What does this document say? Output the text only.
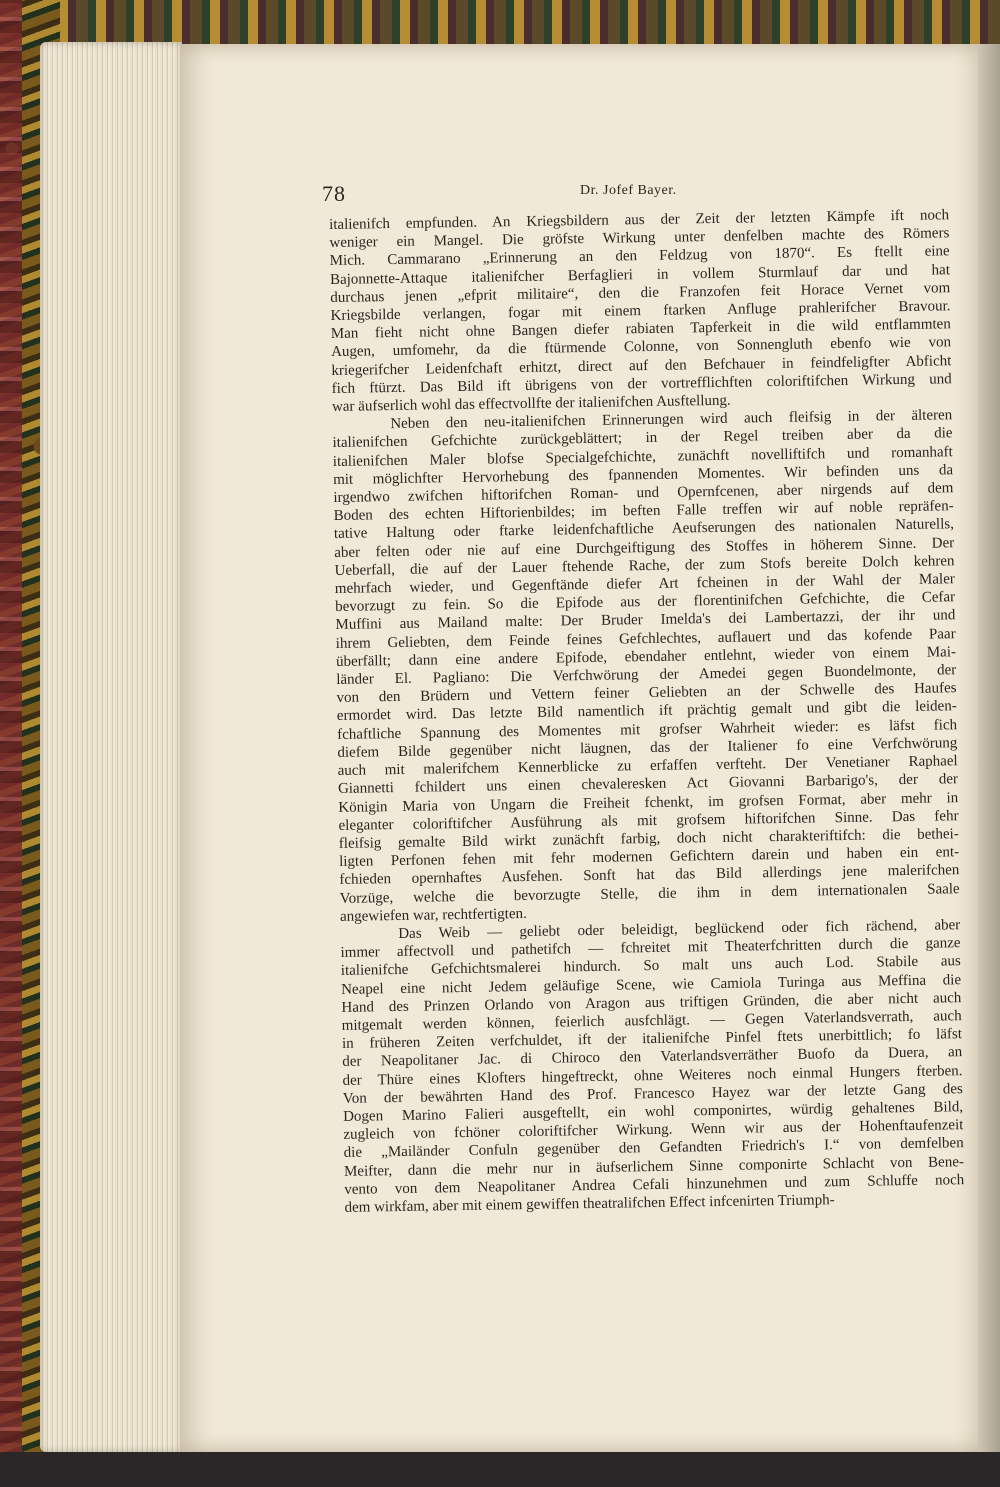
78	Dr. Jofef Bayer.
italienifch empfunden. An Kriegsbildern aus der Zeit der letzten Kämpfe ift noch
weniger ein Mangel. Die gröfste Wirkung unter denfelben machte des Römers
Mich. Cammarano „Erinnerung an den Feldzug von 1870“. Es ftellt eine
Bajonnette-Attaque italienifcher Berfaglieri in vollem Sturmlauf dar und hat
durchaus jenen „efprit militaire“, den die Franzofen feit Horace Vernet vom
Kriegsbilde verlangen, fogar mit einem ftarken Anfluge prahlerifcher Bravour.
Man fieht nicht ohne Bangen diefer rabiaten Tapferkeit in die wild entflammten
Augen, umfomehr, da die ftürmende Colonne, von Sonnengluth ebenfo wie von
kriegerifcher Leidenfchaft erhitzt, direct auf den Befchauer in feindfeligfter Abficht
fich ftürzt. Das Bild ift übrigens von der vortrefflichften coloriftifchen Wirkung und
war äufserlich wohl das effectvollfte der italienifchen Ausftellung.
Neben den neu-italienifchen Erinnerungen wird auch fleifsig in der älteren
italienifchen Gefchichte zurückgeblättert; in der Regel treiben aber da die
italienifchen Maler blofse Specialgefchichte, zunächft novelliftifch und romanhaft
mit möglichfter Hervorhebung des fpannenden Momentes. Wir befinden uns da
irgendwo zwifchen hiftorifchen Roman- und Opernfcenen, aber nirgends auf dem
Boden des echten Hiftorienbildes; im beften Falle treffen wir auf noble repräfen-
tative Haltung oder ftarke leidenfchaftliche Aeufserungen des nationalen Naturells,
aber felten oder nie auf eine Durchgeiftigung des Stoffes in höherem Sinne. Der
Ueberfall, die auf der Lauer ftehende Rache, der zum Stofs bereite Dolch kehren
mehrfach wieder, und Gegenftände diefer Art fcheinen in der Wahl der Maler
bevorzugt zu fein. So die Epifode aus der florentinifchen Gefchichte, die Cefar
Muffini aus Mailand malte: Der Bruder Imelda's dei Lambertazzi, der ihr und
ihrem Geliebten, dem Feinde feines Gefchlechtes, auflauert und das kofende Paar
überfällt; dann eine andere Epifode, ebendaher entlehnt, wieder von einem Mai-
länder El. Pagliano: Die Verfchwörung der Amedei gegen Buondelmonte, der
von den Brüdern und Vettern feiner Geliebten an der Schwelle des Haufes
ermordet wird. Das letzte Bild namentlich ift prächtig gemalt und gibt die leiden-
fchaftliche Spannung des Momentes mit grofser Wahrheit wieder: es läfst fich
diefem Bilde gegenüber nicht läugnen, das der Italiener fo eine Verfchwörung
auch mit malerifchem Kennerblicke zu erfaffen verfteht. Der Venetianer Raphael
Giannetti fchildert uns einen chevaleresken Act Giovanni Barbarigo's, der der
Königin Maria von Ungarn die Freiheit fchenkt, im grofsen Format, aber mehr in
eleganter coloriftifcher Ausführung als mit grofsem hiftorifchen Sinne. Das fehr
fleifsig gemalte Bild wirkt zunächft farbig, doch nicht charakteriftifch: die bethei-
ligten Perfonen fehen mit fehr modernen Gefichtern darein und haben ein ent-
fchieden opernhaftes Ausfehen. Sonft hat das Bild allerdings jene malerifchen
Vorzüge, welche die bevorzugte Stelle, die ihm in dem internationalen Saale
angewiefen war, rechtfertigten.
Das Weib — geliebt oder beleidigt, beglückend oder fich rächend, aber
immer affectvoll und pathetifch — fchreitet mit Theaterfchritten durch die ganze
italienifche Gefchichtsmalerei hindurch. So malt uns auch Lod. Stabile aus
Neapel eine nicht Jedem geläufige Scene, wie Camiola Turinga aus Meffina die
Hand des Prinzen Orlando von Aragon aus triftigen Gründen, die aber nicht auch
mitgemalt werden können, feierlich ausfchlägt. — Gegen Vaterlandsverrath, auch
in früheren Zeiten verfchuldet, ift der italienifche Pinfel ftets unerbittlich; fo läfst
der Neapolitaner Jac. di Chiroco den Vaterlandsverräther Buofo da Duera, an
der Thüre eines Klofters hingeftreckt, ohne Weiteres noch einmal Hungers fterben.
Von der bewährten Hand des Prof. Francesco Hayez war der letzte Gang des
Dogen Marino Falieri ausgeftellt, ein wohl componirtes, würdig gehaltenes Bild,
zugleich von fchöner coloriftifcher Wirkung. Wenn wir aus der Hohenftaufenzeit
die „Mailänder Confuln gegenüber den Gefandten Friedrich's I.“ von demfelben
Meifter, dann die mehr nur in äufserlichem Sinne componirte Schlacht von Bene-
vento von dem Neapolitaner Andrea Cefali hinzunehmen und zum Schluffe noch
dem wirkfam, aber mit einem gewiffen theatralifchen Effect infcenirten Triumph-
